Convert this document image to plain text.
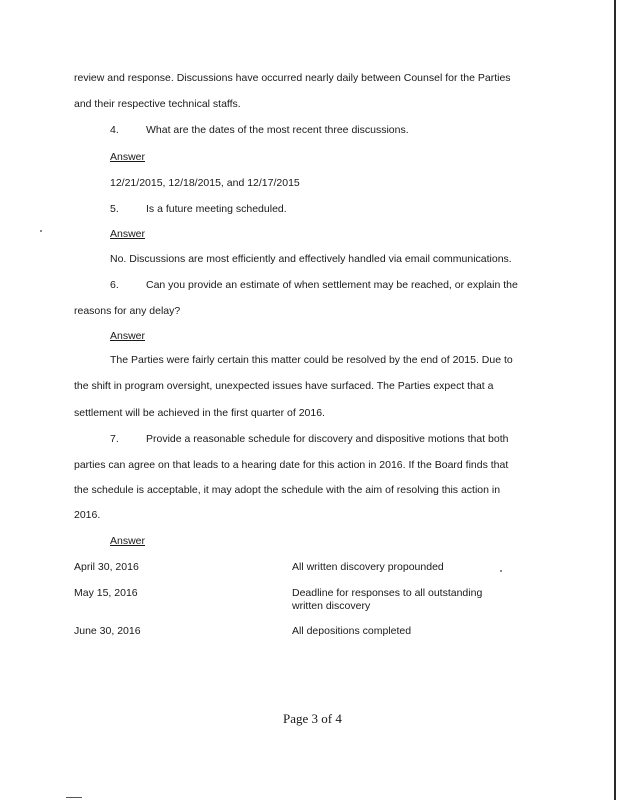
review and response. Discussions have occurred nearly daily between Counsel for the Parties
and their respective technical staffs.
4.	What are the dates of the most recent three discussions.
Answer
12/21/2015, 12/18/2015, and 12/17/2015
5.	Is a future meeting scheduled.
Answer
No. Discussions are most efficiently and effectively handled via email communications.
6.	Can you provide an estimate of when settlement may be reached, or explain the
reasons for any delay?
Answer
The Parties were fairly certain this matter could be resolved by the end of 2015. Due to
the shift in program oversight, unexpected issues have surfaced. The Parties expect that a
settlement will be achieved in the first quarter of 2016.
7.	Provide a reasonable schedule for discovery and dispositive motions that both
parties can agree on that leads to a hearing date for this action in 2016. If the Board finds that
the schedule is acceptable, it may adopt the schedule with the aim of resolving this action in
2016.
Answer
April 30, 2016	All written discovery propounded
May 15, 2016	Deadline for responses to all outstanding
written discovery
June 30, 2016	All depositions completed
Page 3 of 4
